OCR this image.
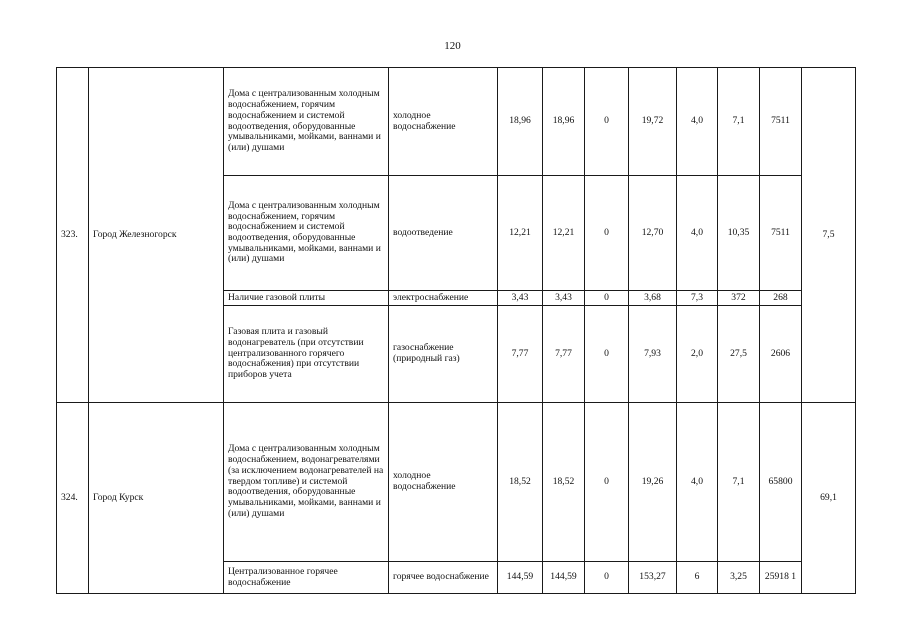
120
323.	Город Железногорск	Дома с централизованным холодным водоснабжением, горячим водоснабжением и системой водоотведения, оборудованные умывальниками, мойками, ваннами и (или) душами	холодное водоснабжение	18,96	18,96	0	19,72	4,0	7,1	7511	7,5
		Дома с централизованным холодным водоснабжением, горячим водоснабжением и системой водоотведения, оборудованные умывальниками, мойками, ваннами и (или) душами	водоотведение	12,21	12,21	0	12,70	4,0	10,35	7511	
		Наличие газовой плиты	электроснабжение	3,43	3,43	0	3,68	7,3	372	268	
		Газовая плита и газовый водонагреватель (при отсутствии централизованного горячего водоснабжения) при отсутствии приборов учета	газоснабжение (природный газ)	7,77	7,77	0	7,93	2,0	27,5	2606	
324.	Город Курск	Дома с централизованным холодным водоснабжением, водонагревателями (за исключением водонагревателей на твердом топливе) и системой водоотведения, оборудованные умывальниками, мойками, ваннами и (или) душами	холодное водоснабжение	18,52	18,52	0	19,26	4,0	7,1	65800	69,1
		Централизованное горячее водоснабжение	горячее водоснабжение	144,59	144,59	0	153,27	6	3,25	25918 1	
